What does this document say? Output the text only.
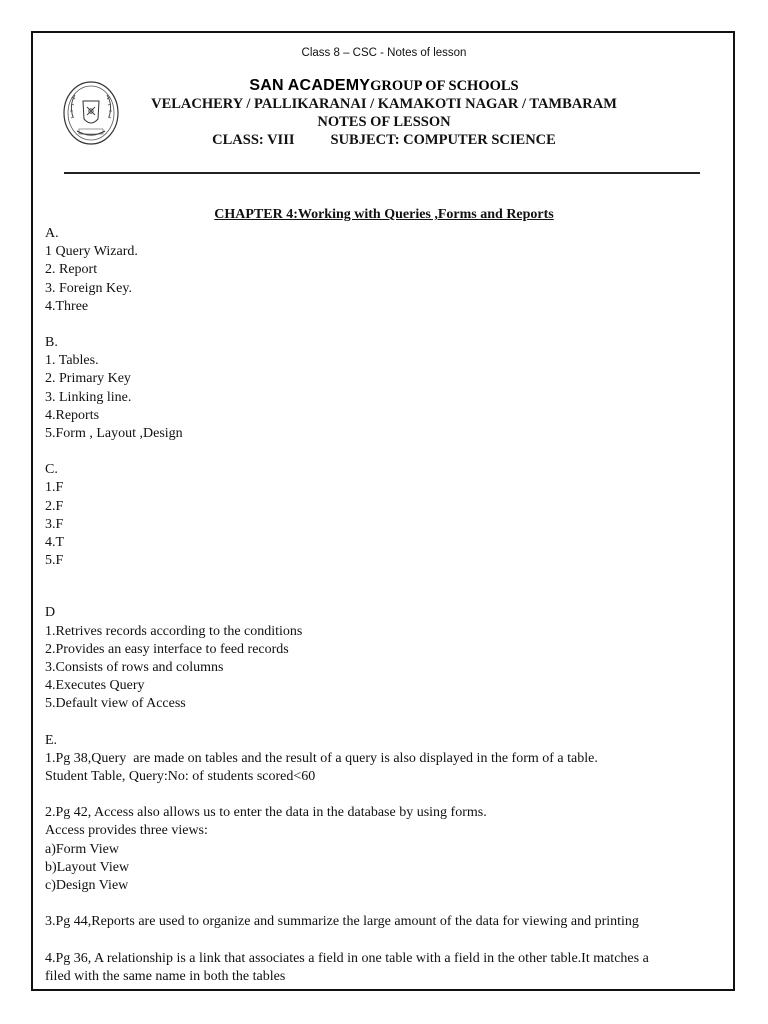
Class 8 – CSC - Notes of lesson
SAN ACADEMYGROUP OF SCHOOLS
VELACHERY / PALLIKARANAI / KAMAKOTI NAGAR / TAMBARAM
NOTES OF LESSON
CLASS: VIII SUBJECT: COMPUTER SCIENCE
CHAPTER 4:Working with Queries ,Forms and Reports
A.
1 Query Wizard.
2. Report
3. Foreign Key.
4.Three
B.
1. Tables.
2. Primary Key
3. Linking line.
4.Reports
5.Form , Layout ,Design
C.
1.F
2.F
3.F
4.T
5.F
D
1.Retrives records according to the conditions
2.Provides an easy interface to feed records
3.Consists of rows and columns
4.Executes Query
5.Default view of Access
E.
1.Pg 38,Query  are made on tables and the result of a query is also displayed in the form of a table.
Student Table, Query:No: of students scored<60
2.Pg 42, Access also allows us to enter the data in the database by using forms.
Access provides three views:
a)Form View
b)Layout View
c)Design View
3.Pg 44,Reports are used to organize and summarize the large amount of the data for viewing and printing
4.Pg 36, A relationship is a link that associates a field in one table with a field in the other table.It matches a
filed with the same name in both the tables
